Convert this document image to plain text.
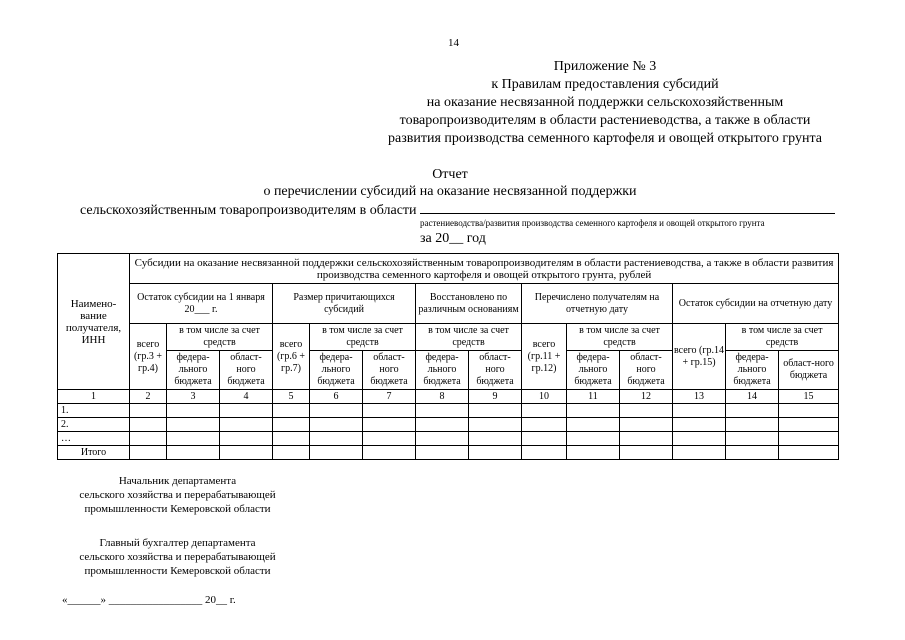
14
Приложение № 3
к Правилам предоставления субсидий
на оказание несвязанной поддержки сельскохозяйственным
товаропроизводителям в области растениеводства, а также в области
развития производства семенного картофеля и овощей открытого грунта
Отчет
о перечислении субсидий на оказание несвязанной поддержки
сельскохозяйственным товаропроизводителям в области
растениеводства/развития производства семенного картофеля и овощей открытого грунта
за 20__ год
Наимено-вание получателя, ИНН	Субсидии на оказание несвязанной поддержки сельскохозяйственным товаропроизводителям в области растениеводства, а также в области развития производства семенного картофеля и овощей открытого грунта, рублей													
	Остаток субсидии на 1 января 20___ г.			Размер причитающихся субсидий			Восстановлено по различным основаниям		Перечислено получателям на отчетную дату			Остаток субсидии на отчетную дату		
	всего (гр.3 + гр.4)	в том числе за счет средств		всего (гр.6 + гр.7)	в том числе за счет средств		в том числе за счет средств		всего (гр.11 + гр.12)	в том числе за счет средств		всего (гр.14 + гр.15)	в том числе за счет средств	
		федера-льного бюджета	област-ного бюджета		федера-льного бюджета	област-ного бюджета	федера-льного бюджета	област-ного бюджета		федера-льного бюджета	област-ного бюджета		федера-льного бюджета	област-ного бюджета
1	2	3	4	5	6	7	8	9	10	11	12	13	14	15
1.														
2.														
…														
Итого														
Начальник департамента
сельского хозяйства и перерабатывающей
промышленности Кемеровской области
Главный бухгалтер департамента
сельского хозяйства и перерабатывающей
промышленности Кемеровской области
«______» _________________ 20__ г.
